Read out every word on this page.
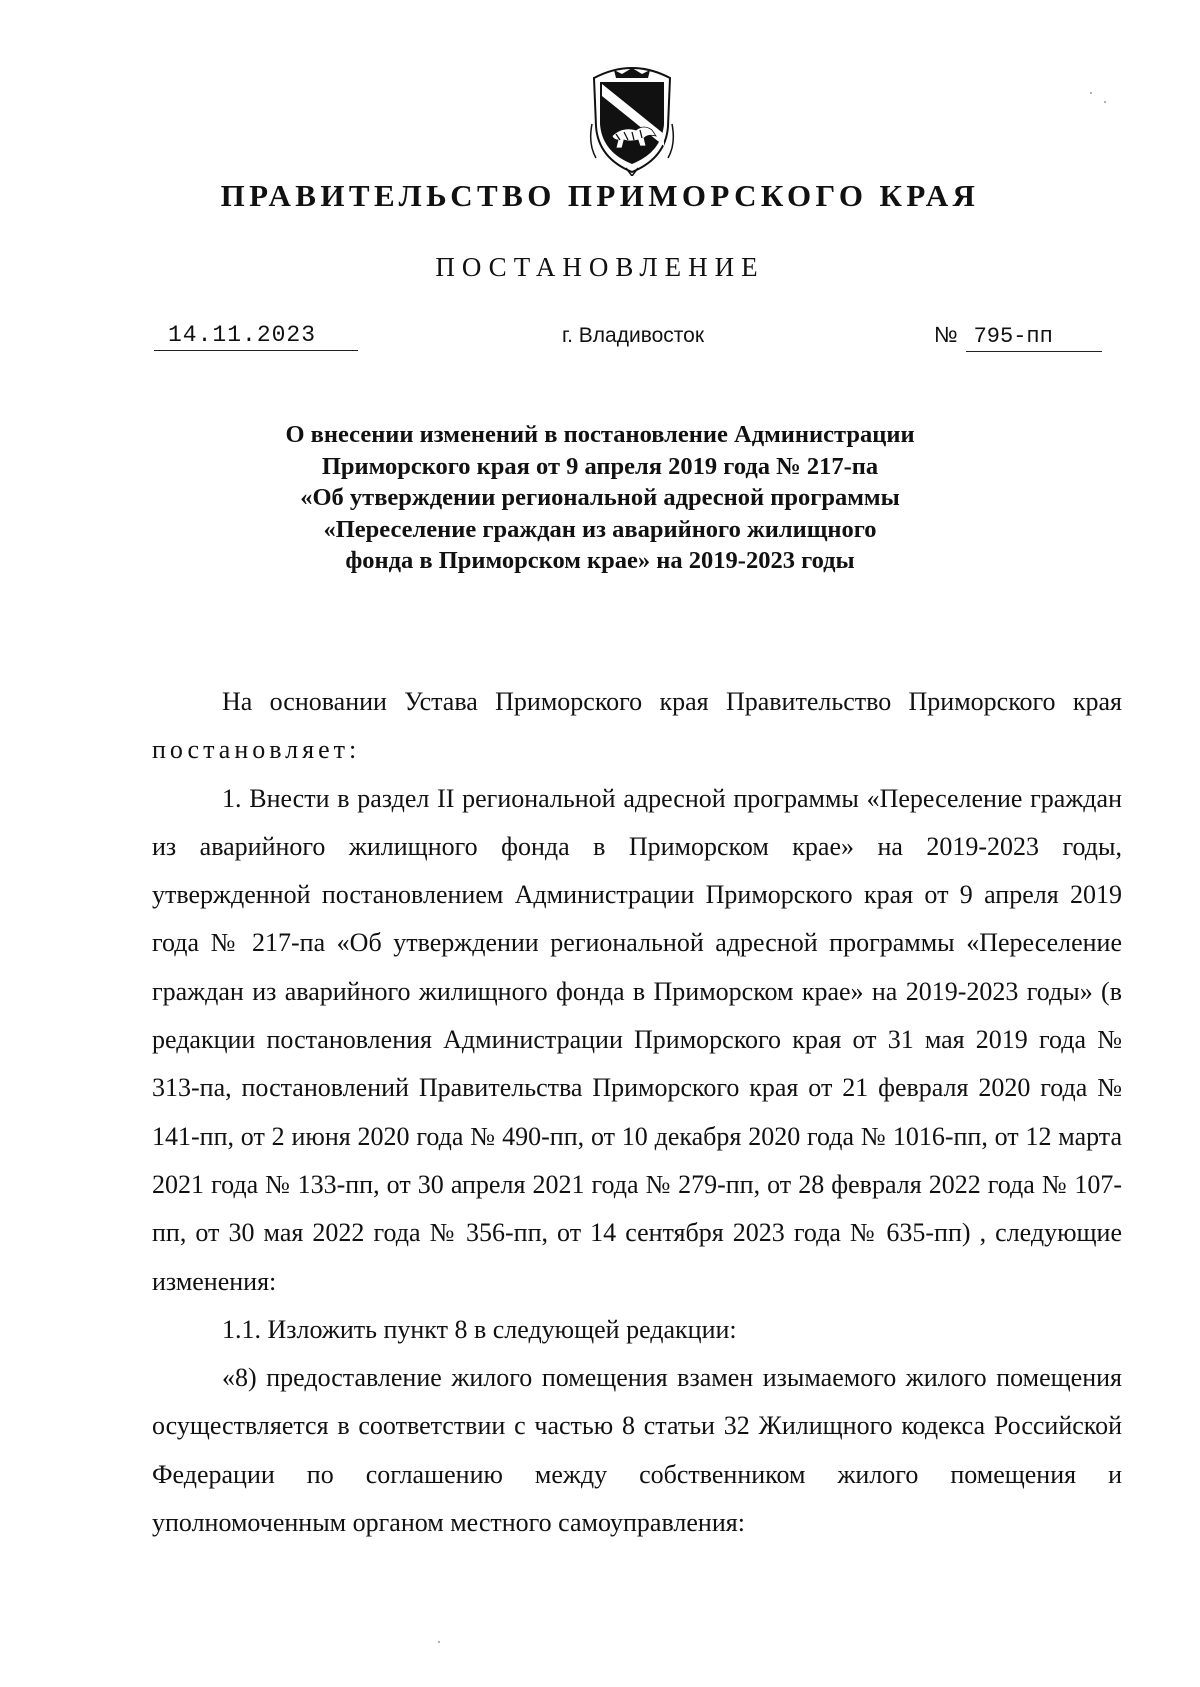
ПРАВИТЕЛЬСТВО ПРИМОРСКОГО КРАЯ
ПОСТАНОВЛЕНИЕ
14.11.2023	г. Владивосток	№ 795-пп
О внесении изменений в постановление Администрации
Приморского края от 9 апреля 2019 года № 217-па
«Об утверждении региональной адресной программы
«Переселение граждан из аварийного жилищного
фонда в Приморском крае» на 2019-2023 годы

На основании Устава Приморского края Правительство Приморского края постановляет:

1. Внести в раздел II региональной адресной программы «Переселение граждан из аварийного жилищного фонда в Приморском крае» на 2019-2023 годы, утвержденной постановлением Администрации Приморского края от 9 апреля 2019 года № 217-па «Об утверждении региональной адресной программы «Переселение граждан из аварийного жилищного фонда в Приморском крае» на 2019-2023 годы» (в редакции постановления Администрации Приморского края от 31 мая 2019 года № 313-па, постановлений Правительства Приморского края от 21 февраля 2020 года № 141-пп, от 2 июня 2020 года № 490-пп, от 10 декабря 2020 года № 1016-пп, от 12 марта 2021 года № 133-пп, от 30 апреля 2021 года № 279-пп, от 28 февраля 2022 года № 107-пп, от 30 мая 2022 года № 356-пп, от 14 сентября 2023 года № 635-пп) , следующие изменения:

1.1. Изложить пункт 8 в следующей редакции:

«8) предоставление жилого помещения взамен изымаемого жилого помещения осуществляется в соответствии с частью 8 статьи 32 Жилищного кодекса Российской Федерации по соглашению между собственником жилого помещения и уполномоченным органом местного самоуправления:
